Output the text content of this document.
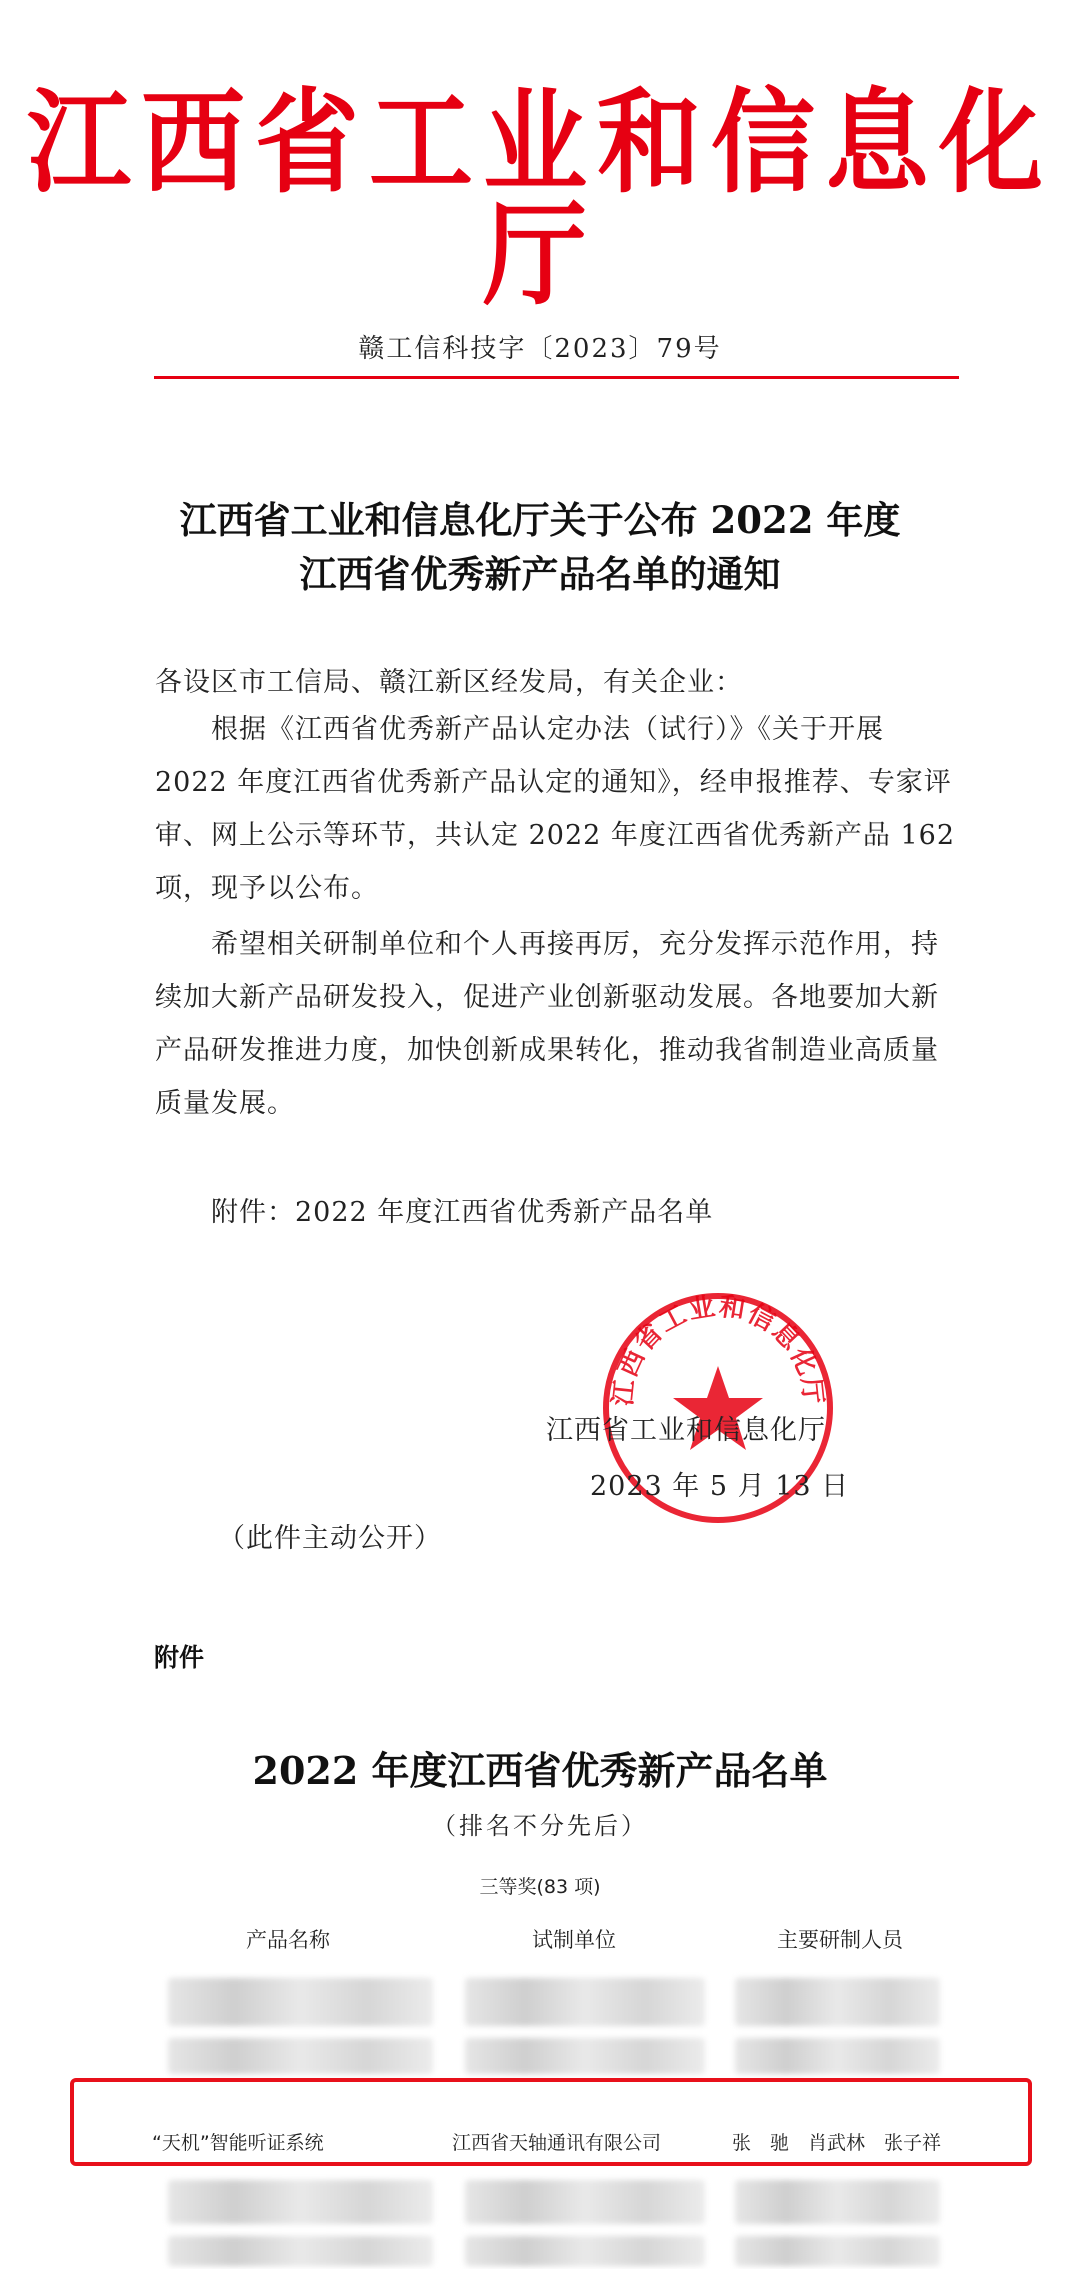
江西省工业和信息化厅
赣工信科技字〔2023〕79号
江西省工业和信息化厅关于公布 2022 年度
江西省优秀新产品名单的通知
各设区市工信局、赣江新区经发局，有关企业：
根据《江西省优秀新产品认定办法（试行）》《关于开展 2022 年度江西省优秀新产品认定的通知》，经申报推荐、专家评审、网上公示等环节，共认定 2022 年度江西省优秀新产品 162 项，现予以公布。
希望相关研制单位和个人再接再厉，充分发挥示范作用，持续加大新产品研发投入，促进产业创新驱动发展。各地要加大新产品研发推进力度，加快创新成果转化，推动我省制造业高质量质量发展。
附件：2022 年度江西省优秀新产品名单
江西省工业和信息化厅
江西省工业和信息化厅
2023 年 5 月 13 日
（此件主动公开）
附件
2022 年度江西省优秀新产品名单
（排名不分先后）
三等奖(83 项)
产品名称	试制单位	主要研制人员
“天机”智能听证系统	江西省天轴通讯有限公司	张　驰　肖武林　张子祥
